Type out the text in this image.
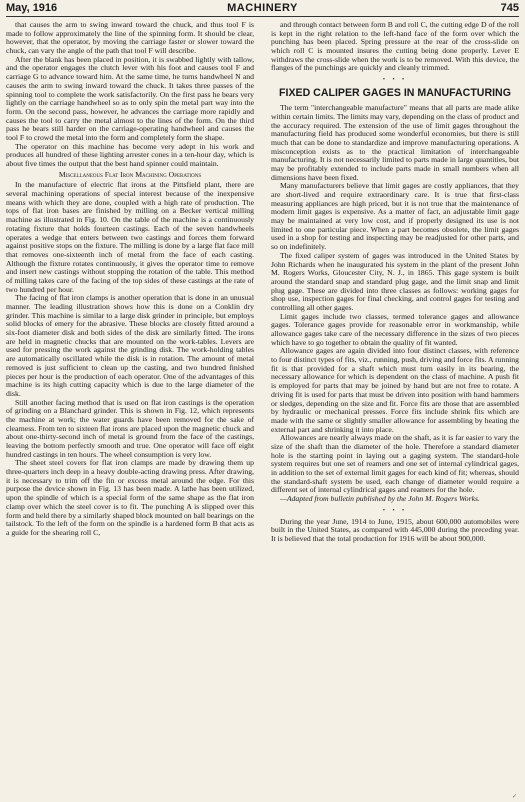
May, 1916	MACHINERY	745

that causes the arm to swing inward toward the chuck, and thus tool F is made to follow approximately the line of the spinning form. It should be clear, however, that the operator, by moving the carriage faster or slower toward the chuck, can vary the angle of the path that tool F will describe.

After the blank has been placed in position, it is swabbed lightly with tallow, and the operator engages the clutch lever with his foot and causes tool F and carriage G to advance toward him. At the same time, he turns handwheel N and causes the arm to swing inward toward the chuck. It takes three passes of the spinning tool to complete the work satisfactorily. On the first pass he bears very lightly on the carriage handwheel so as to only spin the metal part way into the form. On the second pass, however, he advances the carriage more rapidly and causes the tool to carry the metal almost to the lines of the form. On the third pass he bears still harder on the carriage-operating handwheel and causes the tool F to crowd the metal into the form and completely form the shape.

The operator on this machine has become very adept in his work and produces all hundred of these lighting arrester cones in a ten-hour day, which is about five times the output that the best hand spinner could maintain.

Miscellaneous Flat Iron Machining Operations

In the manufacture of electric flat irons at the Pittsfield plant, there are several machining operations of special interest because of the inexpensive means with which they are done, coupled with a high rate of production. The tops of flat iron bases are finished by milling on a Becker vertical milling machine as illustrated in Fig. 10. On the table of the machine is a continuously rotating fixture that holds fourteen castings. Each of the seven handwheels operates a wedge that enters between two castings and forces them forward against positive stops on the fixture. The milling is done by a large flat face mill that removes one-sixteenth inch of metal from the face of each casting. Although the fixture rotates continuously, it gives the operator time to remove and insert new castings without stopping the rotation of the table. This method of milling takes care of the facing of the top sides of these castings at the rate of two hundred per hour.

The facing of flat iron clamps is another operation that is done in an unusual manner. The leading illustration shows how this is done on a Conklin dry grinder. This machine is similar to a large disk grinder in principle, but employs solid blocks of emery for the abrasive. These blocks are closely fitted around a six-foot diameter disk and both sides of the disk are similarly fitted. The irons are held in magnetic chucks that are mounted on the work-tables. Levers are used for pressing the work against the grinding disk. The work-holding tables are automatically oscillated while the disk is in rotation. The amount of metal removed is just sufficient to clean up the casting, and two hundred finished pieces per hour is the production of each operator. One of the advantages of this machine is its high cutting capacity which is due to the large diameter of the disk.

Still another facing method that is used on flat iron castings is the operation of grinding on a Blanchard grinder. This is shown in Fig. 12, which represents the machine at work; the water guards have been removed for the sake of clearness. From ten to sixteen flat irons are placed upon the magnetic chuck and about one-thirty-second inch of metal is ground from the face of the castings, leaving the bottom perfectly smooth and true. One operator will face off eight hundred castings in ten hours. The wheel consumption is very low.

The sheet steel covers for flat iron clamps are made by drawing them up three-quarters inch deep in a heavy double-acting drawing press. After drawing, it is necessary to trim off the fin or excess metal around the edge. For this purpose the device shown in Fig. 13 has been made. A lathe has been utilized, upon the spindle of which is a special form of the same shape as the flat iron clamp over which the steel cover is to fit. The punching A is slipped over this form and held there by a similarly shaped block mounted on ball bearings on the tailstock. To the left of the form on the spindle is a hardened form B that acts as a guide for the shearing roll C,

and through contact between form B and roll C, the cutting edge D of the roll is kept in the right relation to the left-hand face of the form over which the punching has been placed. Spring pressure at the rear of the cross-slide on which roll C is mounted insures the cutting being done properly. Lever E withdraws the cross-slide when the work is to be removed. With this device, the flanges of the punchings are quickly and cleanly trimmed.

• • •
FIXED CALIPER GAGES IN MANUFACTURING

The term "interchangeable manufacture" means that all parts are made alike within certain limits. The limits may vary, depending on the class of product and the accuracy required. The extension of the use of limit gages throughout the manufacturing field has produced some wonderful economies, but there is still much that can be done to standardize and improve manufacturing operations. A misconception exists as to the practical limitation of interchangeable manufacturing. It is not necessarily limited to parts made in large quantities, but may be profitably extended to include parts made in small numbers when all dimensions have been fixed.

Many manufacturers believe that limit gages are costly appliances, that they are short-lived and require extraordinary care. It is true that first-class measuring appliances are high priced, but it is not true that the maintenance of modern limit gages is expensive. As a matter of fact, an adjustable limit gage may be maintained at very low cost, and if properly designed its use is not limited to one particular piece. When a part becomes obsolete, the limit gages used in a shop for testing and inspecting may be readjusted for other parts, and so on indefinitely.

The fixed caliper system of gages was introduced in the United States by John Richards when he inaugurated his system in the plant of the present John M. Rogers Works, Gloucester City, N. J., in 1865. This gage system is built around the standard snap and standard plug gage, and the limit snap and limit plug gage. These are divided into three classes as follows: working gages for shop use, inspection gages for final checking, and control gages for testing and controlling all other gages.

Limit gages include two classes, termed tolerance gages and allowance gages. Tolerance gages provide for reasonable error in workmanship, while allowance gages take care of the necessary difference in the sizes of two pieces which have to go together to obtain the quality of fit wanted.

Allowance gages are again divided into four distinct classes, with reference to four distinct types of fits, viz., running, push, driving and force fits. A running fit is that provided for a shaft which must turn easily in its bearing, the necessary allowance for which is dependent on the class of machine. A push fit is employed for parts that may be joined by hand but are not free to rotate. A driving fit is used for parts that must be driven into position with hand hammers or sledges, depending on the size and fit. Force fits are those that are assembled by hydraulic or mechanical presses. Force fits include shrink fits which are made with the same or slightly smaller allowance for assembling by heating the external part and shrinking it into place.

Allowances are nearly always made on the shaft, as it is far easier to vary the size of the shaft than the diameter of the hole. Therefore a standard diameter hole is the starting point in laying out a gaging system. The standard-hole system requires but one set of reamers and one set of internal cylindrical gages, in addition to the set of external limit gages for each kind of fit; whereas, should the standard-shaft system be used, each change of diameter would require a different set of internal cylindrical gages and reamers for the hole.

—Adapted from bulletin published by the John M. Rogers Works.

• • •

During the year June, 1914 to June, 1915, about 600,000 automobiles were built in the United States, as compared with 445,000 during the preceding year. It is believed that the total production for 1916 will be about 900,000.

✓
